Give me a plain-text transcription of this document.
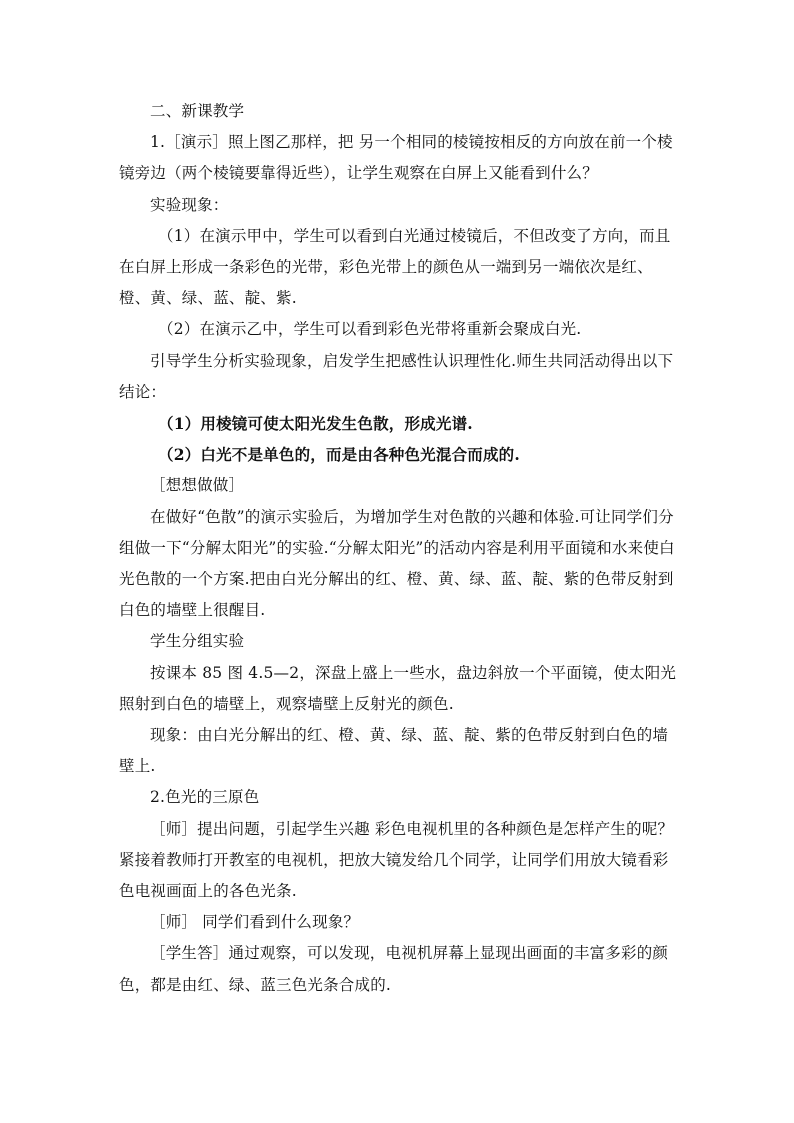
二、新课教学

1.［演示］照上图乙那样，把 另一个相同的棱镜按相反的方向放在前一个棱镜旁边（两个棱镜要靠得近些），让学生观察在白屏上又能看到什么？

实验现象：

（1）在演示甲中，学生可以看到白光通过棱镜后，不但改变了方向，而且在白屏上形成一条彩色的光带，彩色光带上的颜色从一端到另一端依次是红、橙、黄、绿、蓝、靛、紫.

（2）在演示乙中，学生可以看到彩色光带将重新会聚成白光.

引导学生分析实验现象，启发学生把感性认识理性化.师生共同活动得出以下结论：

（1）用棱镜可使太阳光发生色散，形成光谱.

（2）白光不是单色的，而是由各种色光混合而成的.

［想想做做］

在做好“色散”的演示实验后，为增加学生对色散的兴趣和体验.可让同学们分组做一下“分解太阳光”的实验.“分解太阳光”的活动内容是利用平面镜和水来使白光色散的一个方案.把由白光分解出的红、橙、黄、绿、蓝、靛、紫的色带反射到白色的墙壁上很醒目.

学生分组实验

按课本 85 图 4.5—2，深盘上盛上一些水，盘边斜放一个平面镜，使太阳光照射到白色的墙壁上，观察墙壁上反射光的颜色.

现象：由白光分解出的红、橙、黄、绿、蓝、靛、紫的色带反射到白色的墙壁上.

2.色光的三原色

［师］提出问题，引起学生兴趣 彩色电视机里的各种颜色是怎样产生的呢？紧接着教师打开教室的电视机，把放大镜发给几个同学，让同学们用放大镜看彩色电视画面上的各色光条.

［师］ 同学们看到什么现象？

［学生答］通过观察，可以发现，电视机屏幕上显现出画面的丰富多彩的颜色，都是由红、绿、蓝三色光条合成的.
